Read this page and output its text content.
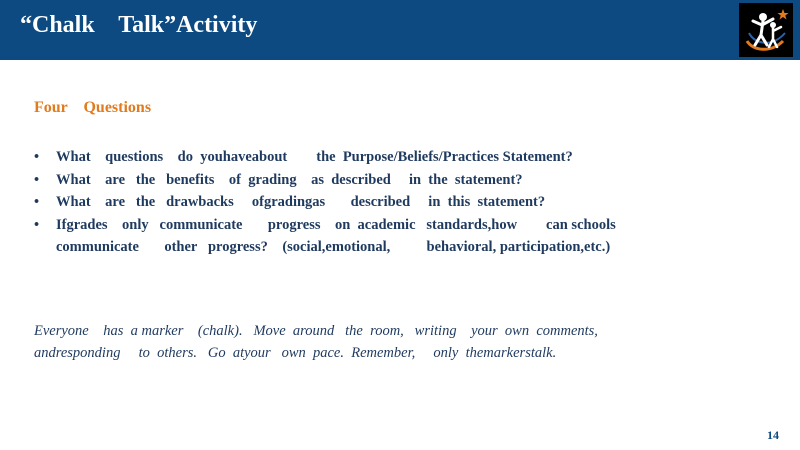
“Chalk    Talk”Activity
Four    Questions
• What    questions    do  youhaveabout        the  Purpose/Beliefs/Practices Statement?
• What    are   the   benefits    of  grading    as  described     in  the  statement?
• What    are   the   drawbacks     ofgradingas       described     in  this  statement?
• Ifgrades    only   communicate       progress    on  academic   standards,how        can schools   communicate       other   progress?    (social,emotional,          behavioral, participation,etc.)

Everyone    has  a marker    (chalk).   Move  around   the  room,   writing    your  own  comments, andresponding     to  others.   Go  atyour   own  pace.  Remember,     only  themarkerstalk.

14
